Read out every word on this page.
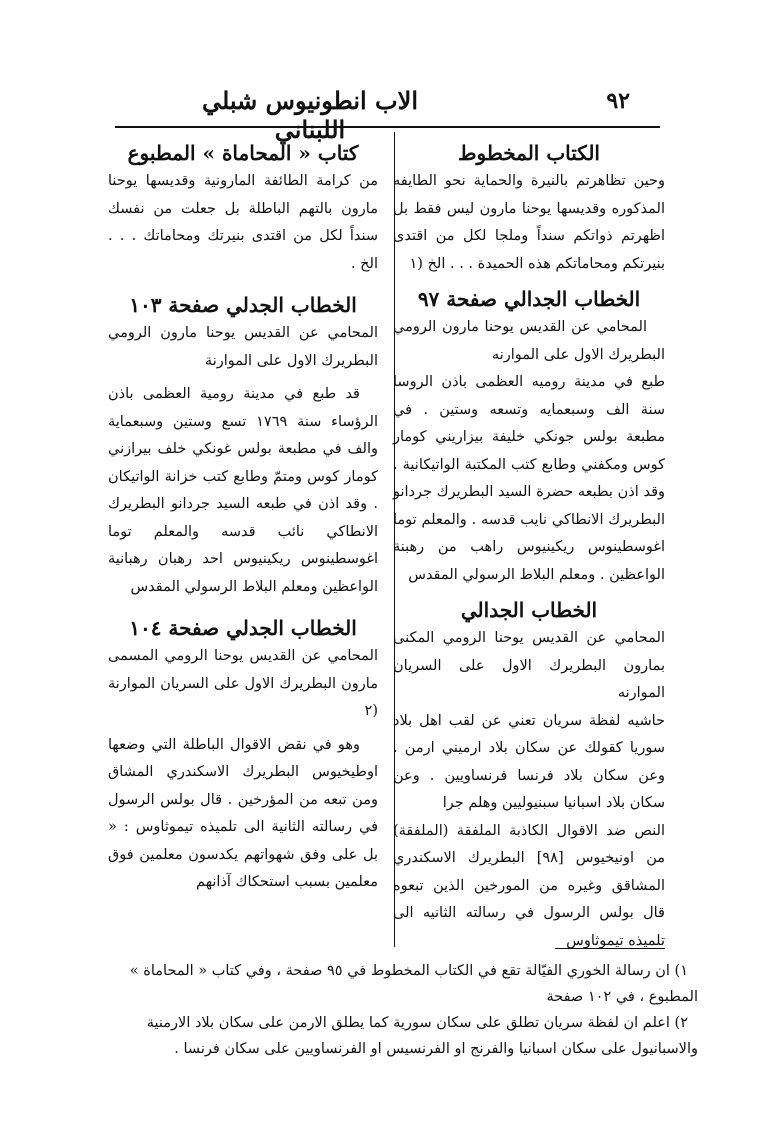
٩٢
الاب انطونيوس شبلي اللبناني

الكتاب المخطوط

وحين تظاهرتم بالنيرة والحماية نحو الطايفه المذكوره وقديسها يوحنا مارون ليس فقط بل اظهرتم ذواتكم سنداً وملجا لكل من اقتدى بنيرتكم ومحاماتكم هذه الحميدة . . . الخ (١

الخطاب الجدالي صفحة ٩٧

المحامي عن القديس يوحنا مارون الرومي البطريرك الاول على الموارنه

طبع في مدينة روميه العظمى باذن الروسا سنة الف وسبعمايه وتسعه وستين . في مطبعة بولس جونكي خليفة بيزاريني كومار كوس ومكفني وطابع كتب المكتبة الواتيكانية . وقد اذن بطبعه حضرة السيد البطريرك جردانو البطريرك الانطاكي نايب قدسه . والمعلم توما اغوسطينوس ريكينيوس راهب من رهبنة الواعظين . ومعلم البلاط الرسولي المقدس

الخطاب الجدالي

المحامي عن القديس يوحنا الرومي المكنى بمارون البطريرك الاول على السريان الموارنه

حاشيه لفظة سريان تعني عن لقب اهل بلاد سوريا كقولك عن سكان بلاد ارميني ارمن . وعن سكان بلاد فرنسا فرنساويين . وعن سكان بلاد اسبانيا سبنيوليين وهلم جرا

النص ضد الاقوال الكاذبة الملفقة (الملفقة) من اونيخيوس [٩٨] البطريرك الاسكندري المشاقق وغيره من المورخين الذين تبعوه قال بولس الرسول في رسالته الثانيه الى تلميذه تيموثاوس

كتاب « المحاماة » المطبوع

من كرامة الطائفة المارونية وقديسها يوحنا مارون بالتهم الباطلة بل جعلت من نفسك سنداً لكل من اقتدى بنيرتك ومحاماتك . . . الخ .

الخطاب الجدلي صفحة ١٠٣

المحامي عن القديس يوحنا مارون الرومي البطريرك الاول على الموارنة

قد طبع في مدينة رومية العظمى باذن الرؤساء سنة ١٧٦٩ تسع وستين وسبعماية والف في مطبعة بولس غونكي خلف بيرازني كومار كوس ومتمّ وطابع كتب خزانة الواتيكان . وقد اذن في طبعه السيد جردانو البطريرك الانطاكي نائب قدسه والمعلم توما اغوسطينوس ريكينيوس احد رهبان رهبانية الواعظين ومعلم البلاط الرسولي المقدس

الخطاب الجدلي صفحة ١٠٤

المحامي عن القديس يوحنا الرومي المسمى مارون البطريرك الاول على السريان الموارنة (٢

وهو في نقض الاقوال الباطلة التي وضعها اوطيخيوس البطريرك الاسكندري المشاق ومن تبعه من المؤرخين . قال بولس الرسول في رسالته الثانية الى تلميذه تيموثاوس : « بل على وفق شهواتهم يكدسون معلمين فوق معلمين بسبب استحكاك آذانهم

١) ان رسالة الخوري الفيّالة تقع في الكتاب المخطوط في ٩٥ صفحة ، وفي كتاب « المحاماة » المطبوع ، في ١٠٢ صفحة

٢) اعلم ان لفظة سريان تطلق على سكان سورية كما يطلق الارمن على سكان بلاد الارمنية والاسبانيول على سكان اسبانيا والفرنج او الفرنسيس او الفرنساويين على سكان فرنسا .
